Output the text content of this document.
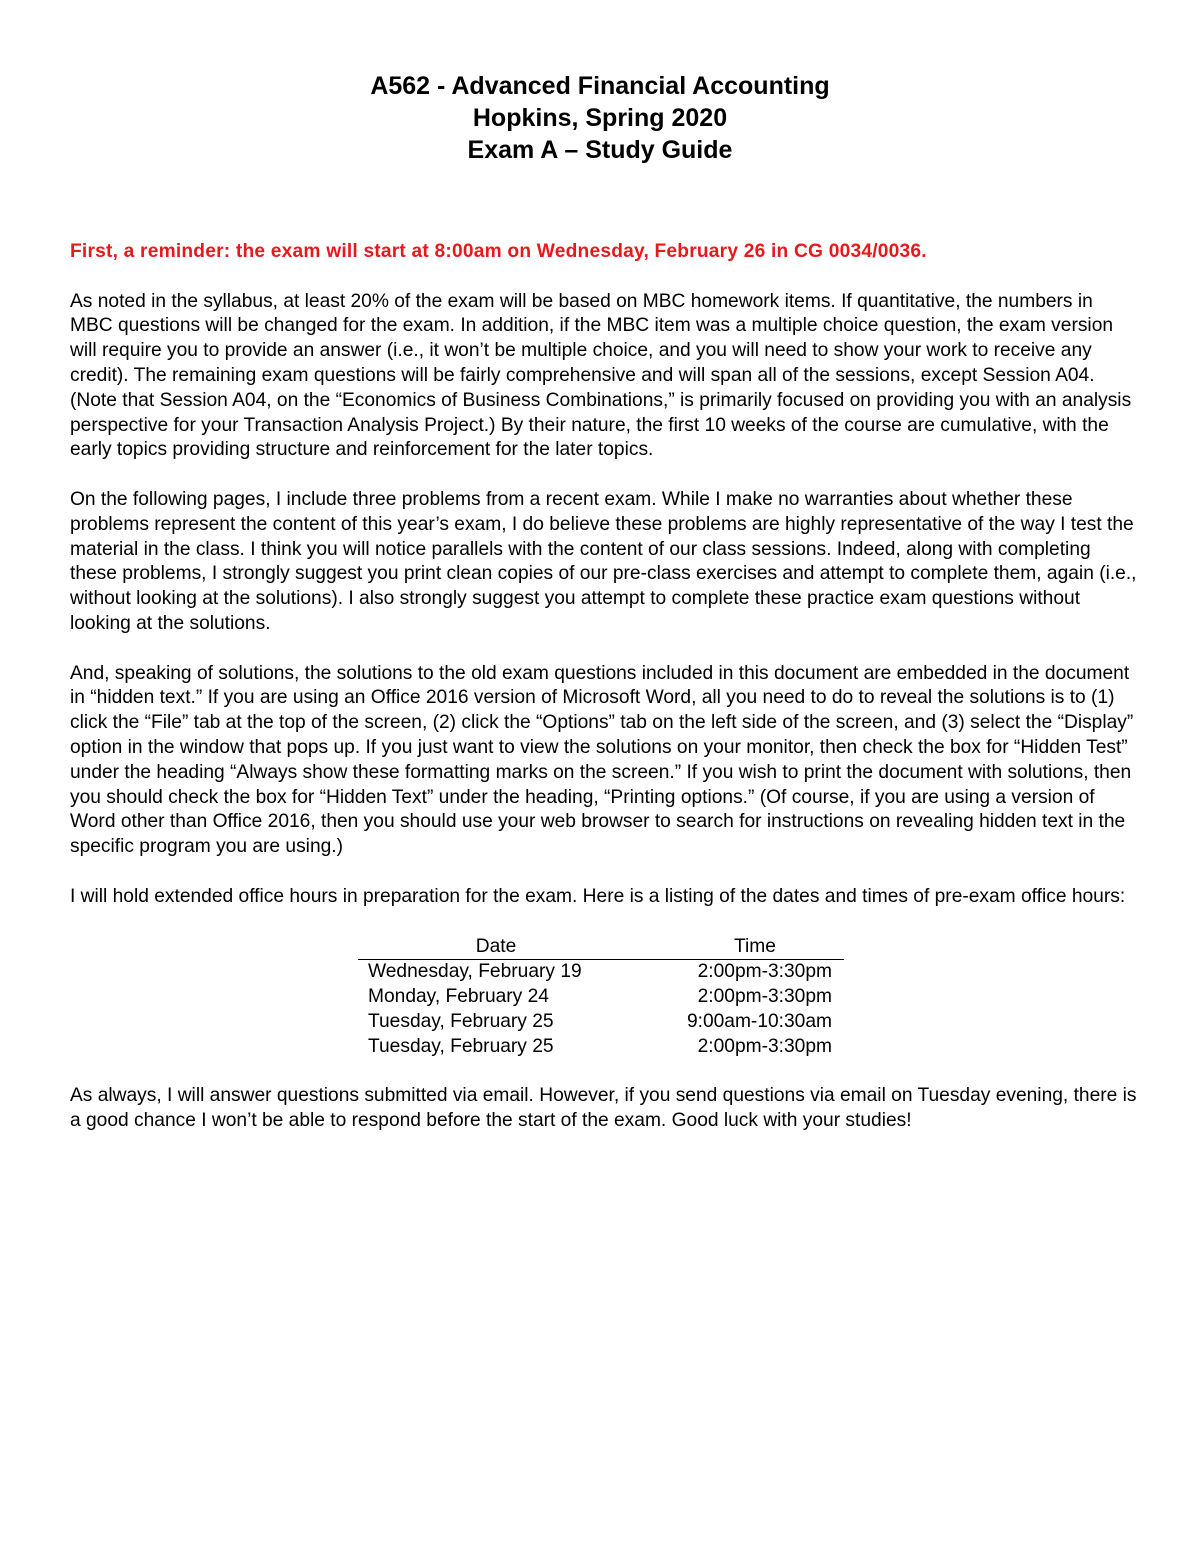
A562 - Advanced Financial Accounting
Hopkins, Spring 2020
Exam A – Study Guide

First, a reminder: the exam will start at 8:00am on Wednesday, February 26 in CG 0034/0036.

As noted in the syllabus, at least 20% of the exam will be based on MBC homework items. If quantitative, the numbers in MBC questions will be changed for the exam. In addition, if the MBC item was a multiple choice question, the exam version will require you to provide an answer (i.e., it won’t be multiple choice, and you will need to show your work to receive any credit). The remaining exam questions will be fairly comprehensive and will span all of the sessions, except Session A04. (Note that Session A04, on the “Economics of Business Combinations,” is primarily focused on providing you with an analysis perspective for your Transaction Analysis Project.) By their nature, the first 10 weeks of the course are cumulative, with the early topics providing structure and reinforcement for the later topics.

On the following pages, I include three problems from a recent exam. While I make no warranties about whether these problems represent the content of this year’s exam, I do believe these problems are highly representative of the way I test the material in the class. I think you will notice parallels with the content of our class sessions. Indeed, along with completing these problems, I strongly suggest you print clean copies of our pre-class exercises and attempt to complete them, again (i.e., without looking at the solutions). I also strongly suggest you attempt to complete these practice exam questions without looking at the solutions.

And, speaking of solutions, the solutions to the old exam questions included in this document are embedded in the document in “hidden text.” If you are using an Office 2016 version of Microsoft Word, all you need to do to reveal the solutions is to (1) click the “File” tab at the top of the screen, (2) click the “Options” tab on the left side of the screen, and (3) select the “Display” option in the window that pops up. If you just want to view the solutions on your monitor, then check the box for “Hidden Test” under the heading “Always show these formatting marks on the screen.” If you wish to print the document with solutions, then you should check the box for “Hidden Text” under the heading, “Printing options.” (Of course, if you are using a version of Word other than Office 2016, then you should use your web browser to search for instructions on revealing hidden text in the specific program you are using.)

I will hold extended office hours in preparation for the exam. Here is a listing of the dates and times of pre-exam office hours:

Date	Time
Wednesday, February 19	2:00pm-3:30pm
Monday, February 24	2:00pm-3:30pm
Tuesday, February 25	9:00am-10:30am
Tuesday, February 25	2:00pm-3:30pm

As always, I will answer questions submitted via email. However, if you send questions via email on Tuesday evening, there is a good chance I won’t be able to respond before the start of the exam. Good luck with your studies!
